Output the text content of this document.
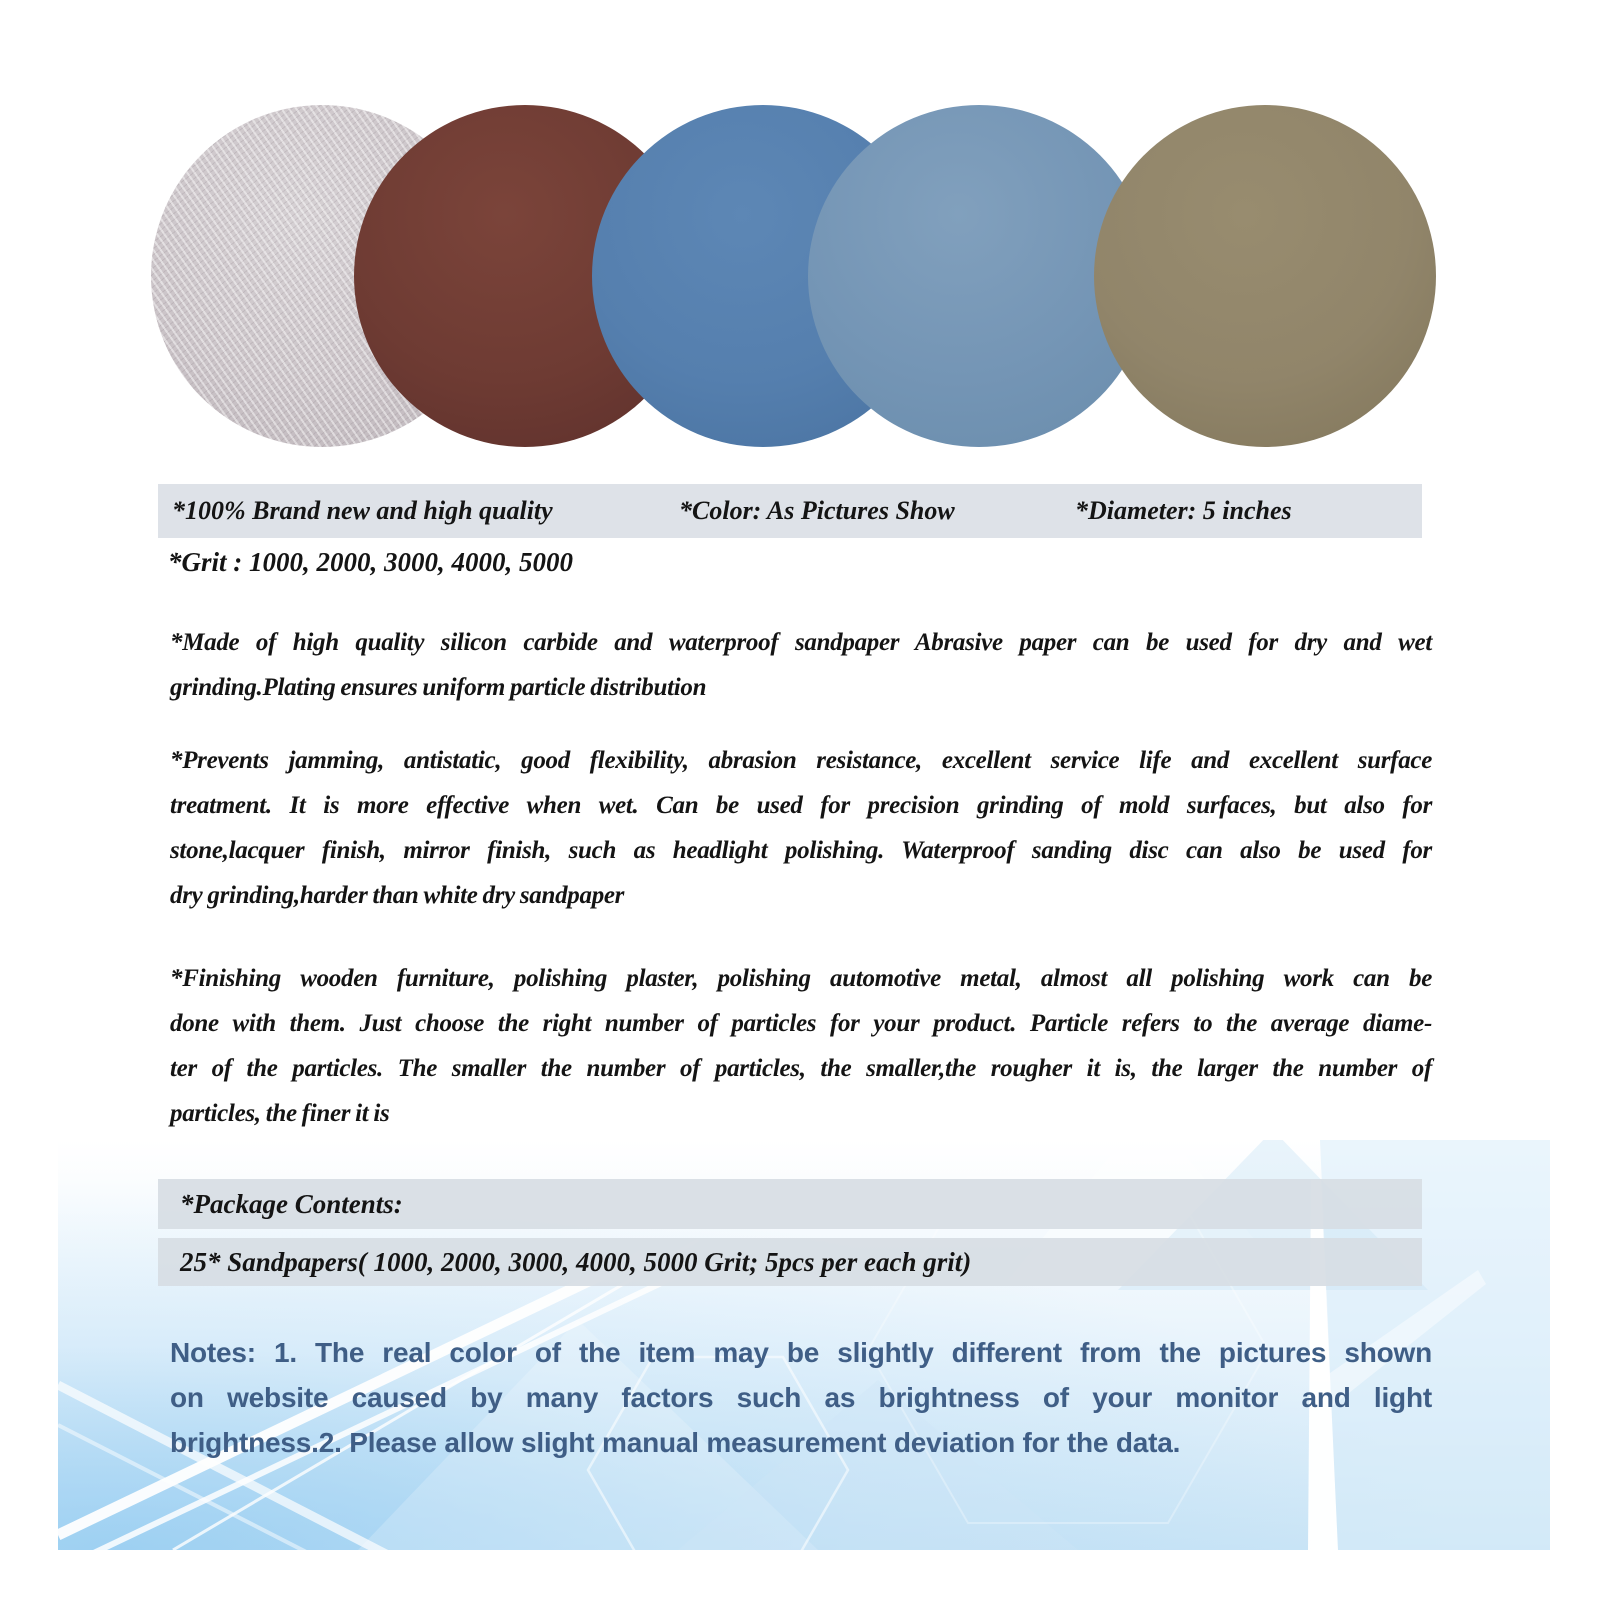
*100% Brand new and high quality	*Color: As Pictures Show	*Diameter: 5 inches
*Grit : 1000, 2000, 3000, 4000, 5000
*Made of high quality silicon carbide and waterproof sandpaper Abrasive paper can be used for dry and wet
grinding.Plating ensures uniform particle distribution
*Prevents jamming, antistatic, good flexibility, abrasion resistance, excellent service life and excellent surface
treatment. It is more effective when wet. Can be used for precision grinding of mold surfaces, but also for
stone,lacquer finish, mirror finish, such as headlight polishing. Waterproof sanding disc can also be used for
dry grinding,harder than white dry sandpaper
*Finishing wooden furniture, polishing plaster, polishing automotive metal, almost all polishing work can be
done with them. Just choose the right number of particles for your product. Particle refers to the average diame-
ter of the particles. The smaller the number of particles, the smaller,the rougher it is, the larger the number of
particles, the finer it is
*Package Contents:
25* Sandpapers( 1000, 2000, 3000, 4000, 5000 Grit; 5pcs per each grit)
Notes: 1. The real color of the item may be slightly different from the pictures shown
on website caused by many factors such as brightness of your monitor and light
brightness.2. Please allow slight manual measurement deviation for the data.
